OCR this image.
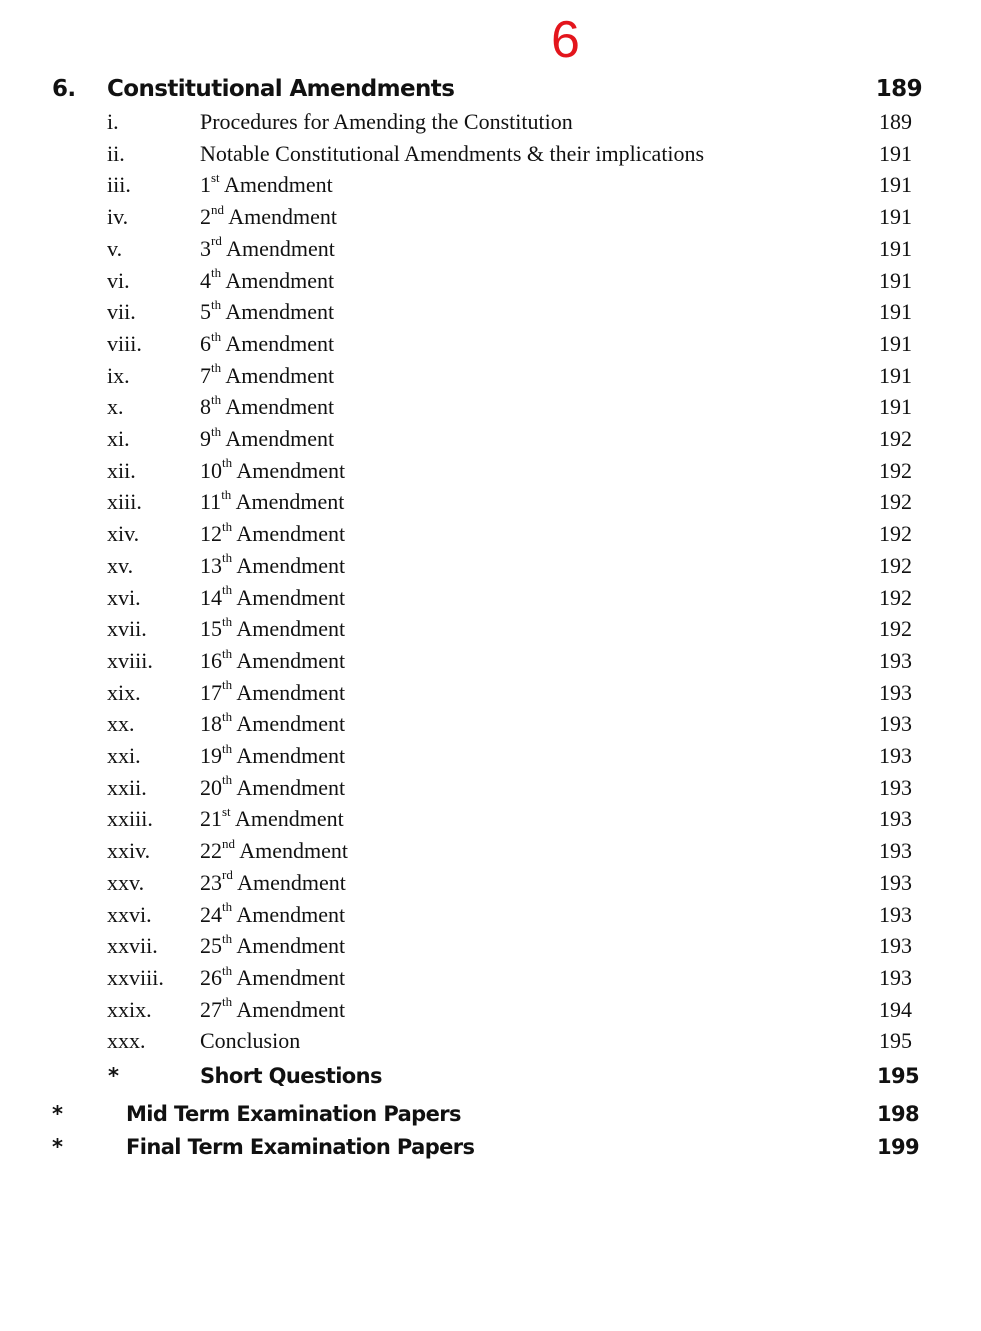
6
6. Constitutional Amendments	189
i.	Procedures for Amending the Constitution	189
ii.	Notable Constitutional Amendments & their implications	191
iii.	1st Amendment	191
iv.	2nd Amendment	191
v.	3rd Amendment	191
vi.	4th Amendment	191
vii.	5th Amendment	191
viii.	6th Amendment	191
ix.	7th Amendment	191
x.	8th Amendment	191
xi.	9th Amendment	192
xii.	10th Amendment	192
xiii.	11th Amendment	192
xiv.	12th Amendment	192
xv.	13th Amendment	192
xvi.	14th Amendment	192
xvii. 15th Amendment	192
xviii. 16th Amendment	193
xix.	17th Amendment	193
xx.	18th Amendment	193
xxi.	19th Amendment	193
xxii. 20th Amendment	193
xxiii. 21st Amendment	193
xxiv. 22nd Amendment	193
xxv.	23rd Amendment	193
xxvi. 24th Amendment	193
xxvii. 25th Amendment	193
xxviii. 26th Amendment	193
xxix. 27th Amendment	194
xxx. Conclusion	195
*	Short Questions	195
*	Mid Term Examination Papers	198
*	Final Term Examination Papers	199
